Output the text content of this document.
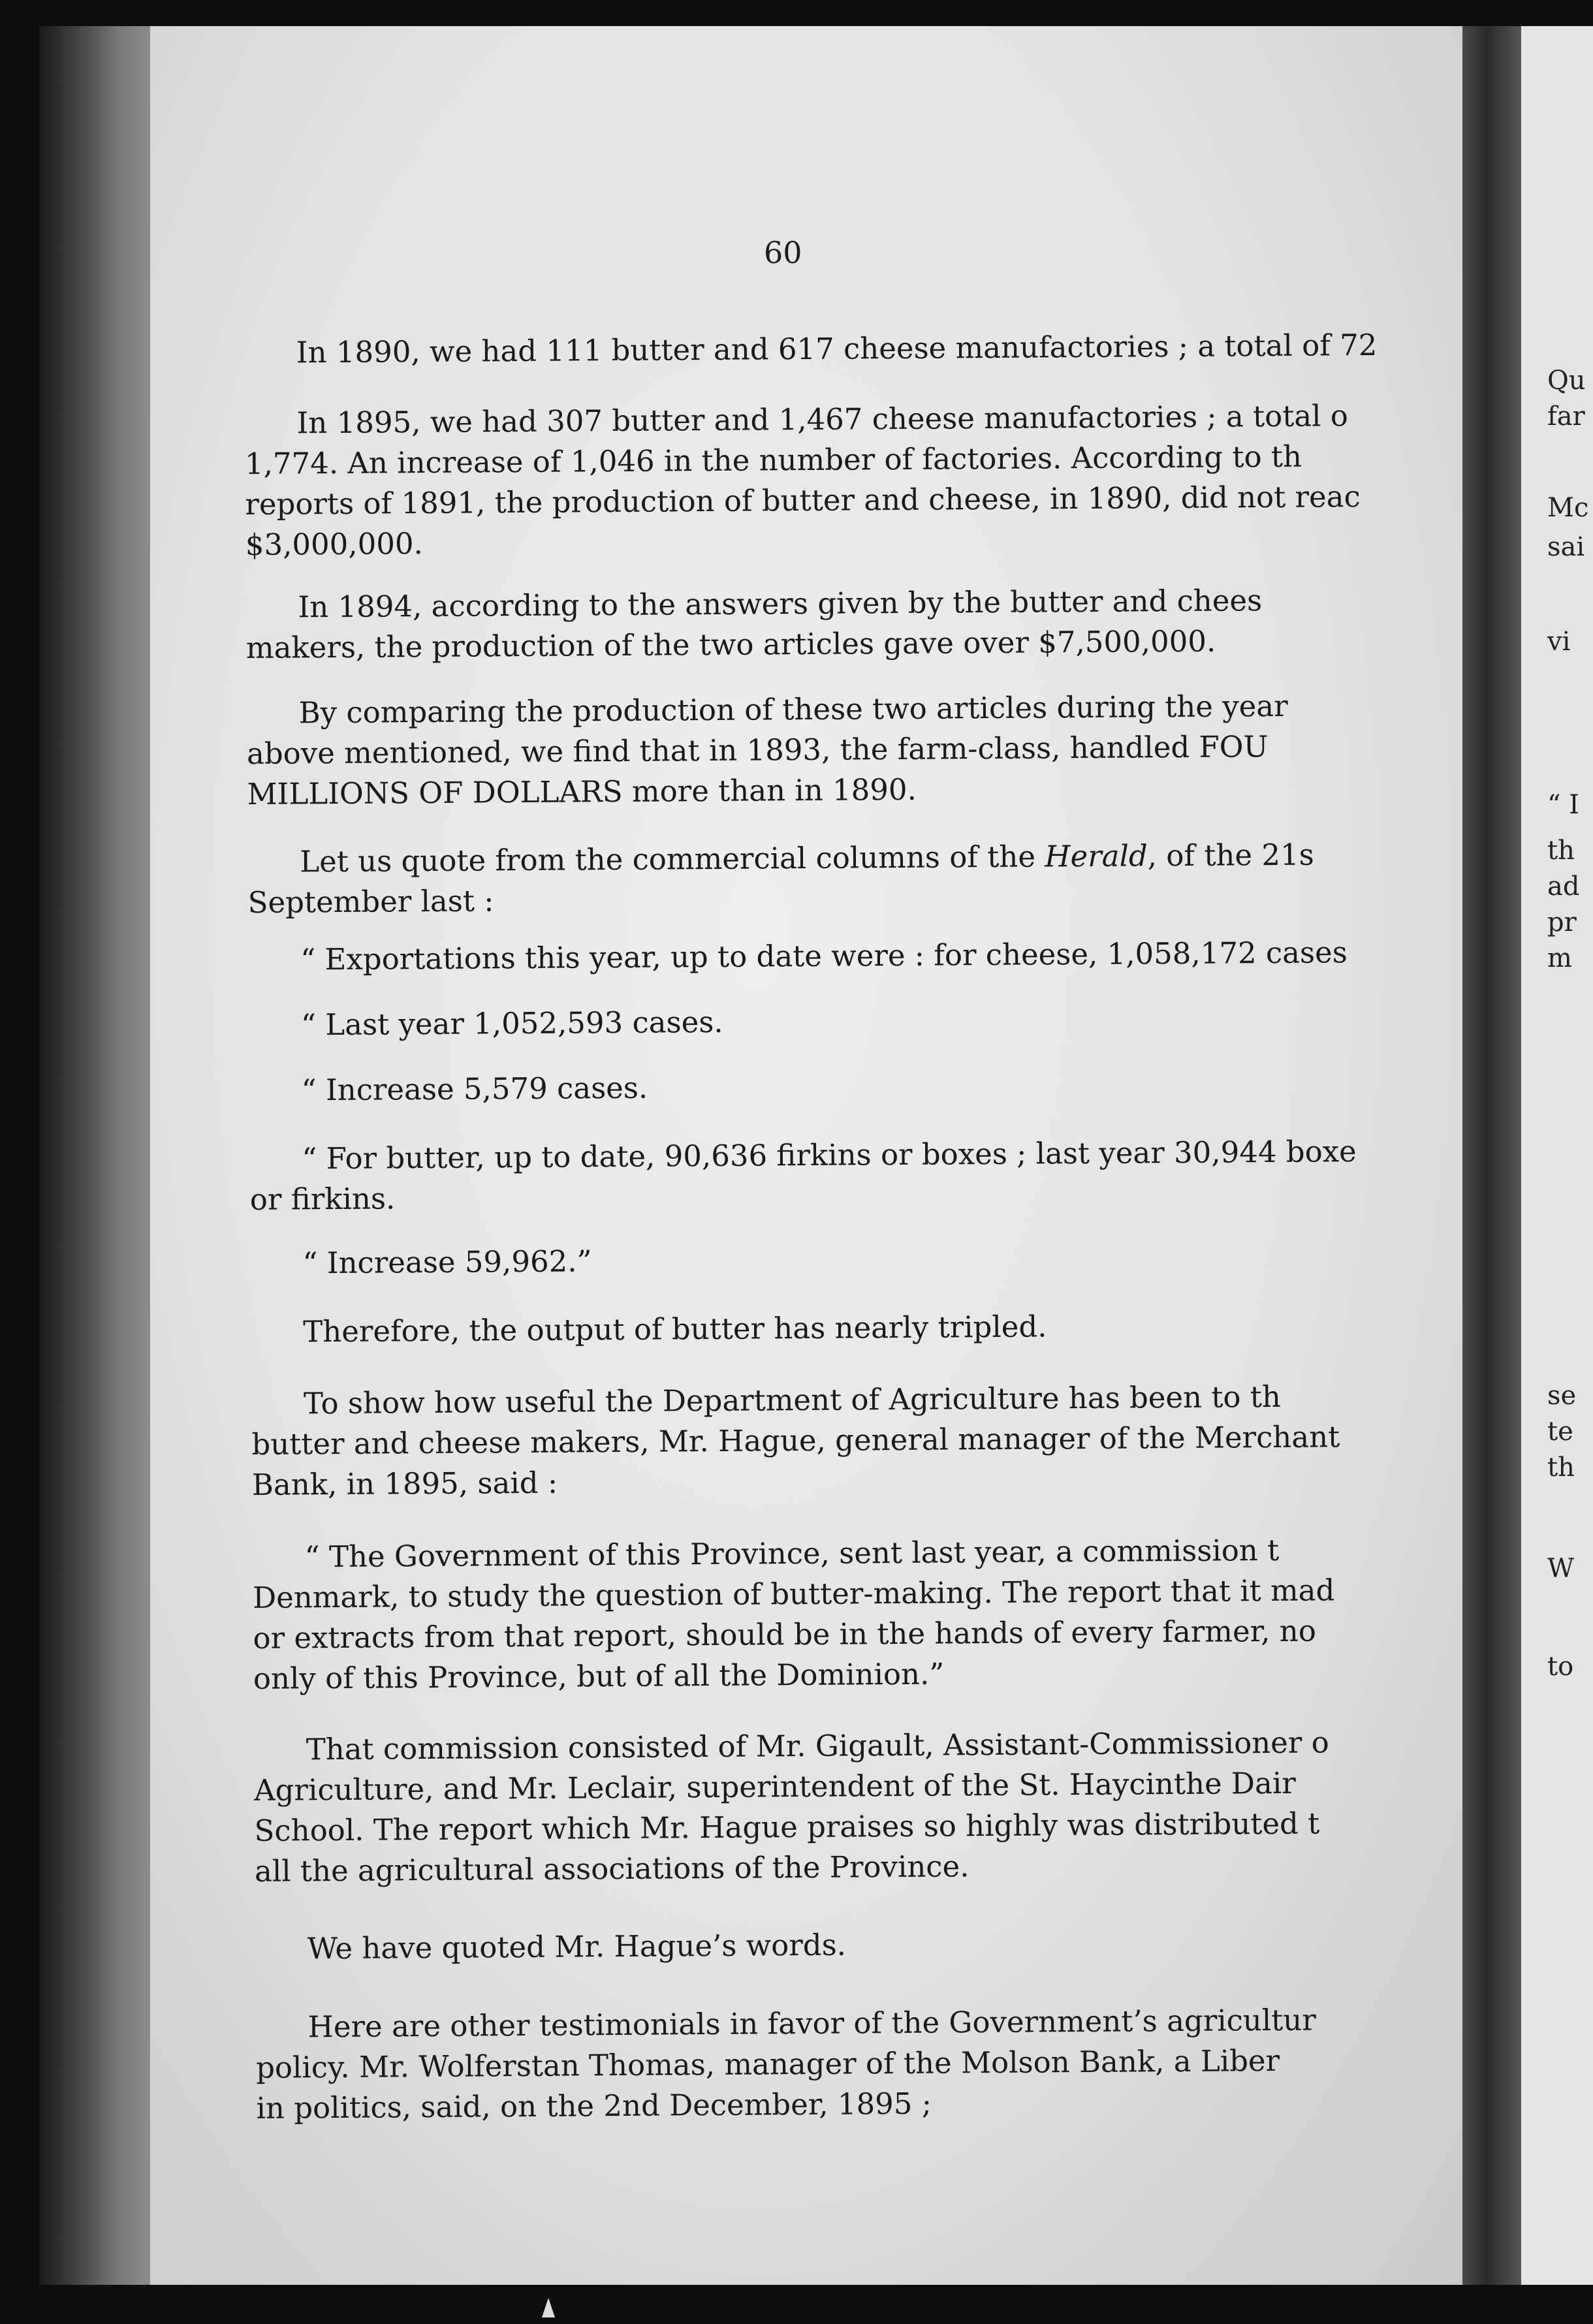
Qu
far
Mc
sai
vi
“ I
th
ad
pr
m
se
te
th
W
to
60

In 1890, we had 111 butter and 617 cheese manufactories ; a total of 72

In 1895, we had 307 butter and 1,467 cheese manufactories ; a total o

1,774. An increase of 1,046 in the number of factories. According to th

reports of 1891, the production of butter and cheese, in 1890, did not reac

$3,000,000.

In 1894, according to the answers given by the butter and chees

makers, the production of the two articles gave over $7,500,000.

By comparing the production of these two articles during the year

above mentioned, we find that in 1893, the farm-class, handled FOU

MILLIONS OF DOLLARS more than in 1890.

Let us quote from the commercial columns of the Herald, of the 21s

September last :

“ Exportations this year, up to date were : for cheese, 1,058,172 cases

“ Last year 1,052,593 cases.

“ Increase 5,579 cases.

“ For butter, up to date, 90,636 firkins or boxes ; last year 30,944 boxe

or firkins.

“ Increase 59,962.”

Therefore, the output of butter has nearly tripled.

To show how useful the Department of Agriculture has been to th

butter and cheese makers, Mr. Hague, general manager of the Merchant

Bank, in 1895, said :

“ The Government of this Province, sent last year, a commission t

Denmark, to study the question of butter-making. The report that it mad

or extracts from that report, should be in the hands of every farmer, no

only of this Province, but of all the Dominion.”

That commission consisted of Mr. Gigault, Assistant-Commissioner o

Agriculture, and Mr. Leclair, superintendent of the St. Haycinthe Dair

School. The report which Mr. Hague praises so highly was distributed t

all the agricultural associations of the Province.

We have quoted Mr. Hague’s words.

Here are other testimonials in favor of the Government’s agricultur

policy. Mr. Wolferstan Thomas, manager of the Molson Bank, a Liber

in politics, said, on the 2nd December, 1895 ;
